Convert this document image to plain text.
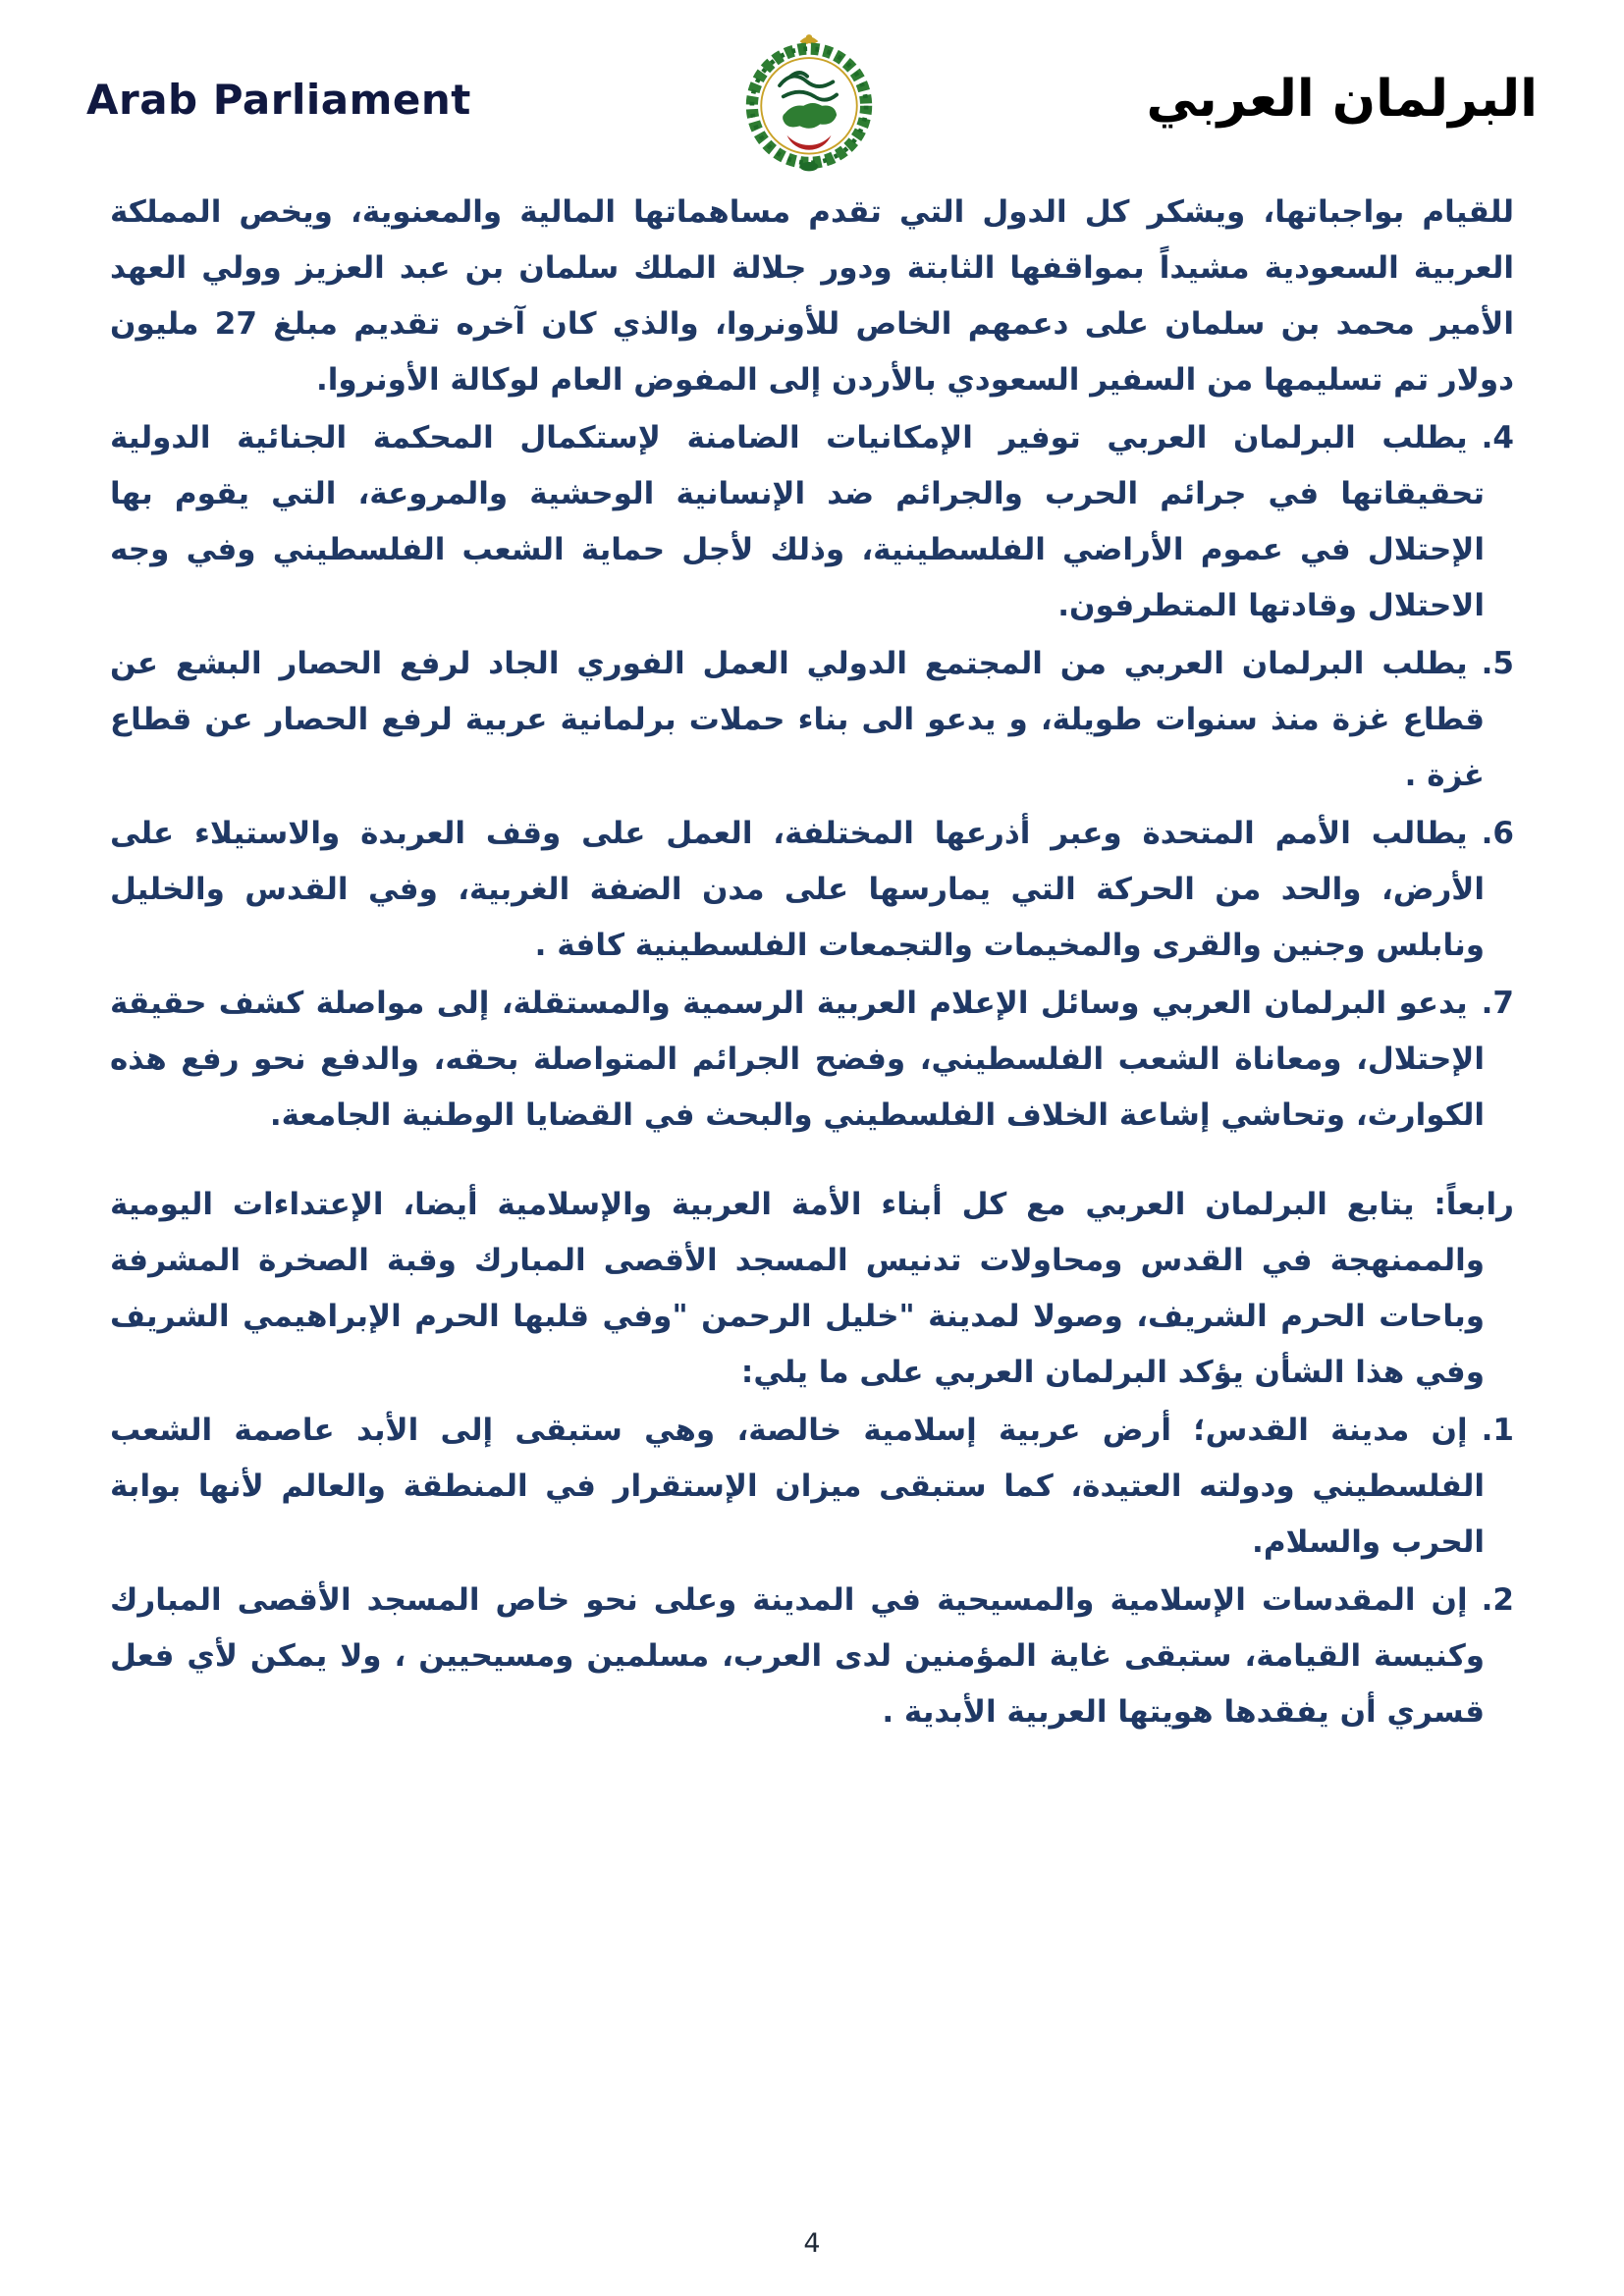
Arab Parliament	البرلمان العربي

للقيام بواجباتها، ويشكر كل الدول التي تقدم مساهماتها المالية والمعنوية، ويخص المملكة العربية السعودية مشيداً بمواقفها الثابتة ودور جلالة الملك سلمان بن عبد العزيز وولي العهد الأمير محمد بن سلمان على دعمهم الخاص للأونروا، والذي كان آخره تقديم مبلغ 27 مليون دولار تم تسليمها من السفير السعودي بالأردن إلى المفوض العام لوكالة الأونروا.

4.يطلب البرلمان العربي توفير الإمكانيات الضامنة لإستكمال المحكمة الجنائية الدولية تحقيقاتها في جرائم الحرب والجرائم ضد الإنسانية الوحشية والمروعة، التي يقوم بها الإحتلال في عموم الأراضي الفلسطينية، وذلك لأجل حماية الشعب الفلسطيني وفي وجه الاحتلال وقادتها المتطرفون.
5.يطلب البرلمان العربي من المجتمع الدولي العمل الفوري الجاد لرفع الحصار البشع عن قطاع غزة منذ سنوات طويلة، و يدعو الى بناء حملات برلمانية عربية لرفع الحصار عن قطاع غزة .
6.يطالب الأمم المتحدة وعبر أذرعها المختلفة، العمل على وقف العربدة والاستيلاء على الأرض، والحد من الحركة التي يمارسها على مدن الضفة الغربية، وفي القدس والخليل ونابلس وجنين والقرى والمخيمات والتجمعات الفلسطينية كافة .
7.يدعو البرلمان العربي وسائل الإعلام العربية الرسمية والمستقلة، إلى مواصلة كشف حقيقة الإحتلال، ومعاناة الشعب الفلسطيني، وفضح الجرائم المتواصلة بحقه، والدفع نحو رفع هذه الكوارث، وتحاشي إشاعة الخلاف الفلسطيني والبحث في القضايا الوطنية الجامعة.
رابعاً: يتابع البرلمان العربي مع كل أبناء الأمة العربية والإسلامية أيضا، الإعتداءات اليومية والممنهجة في القدس ومحاولات تدنيس المسجد الأقصى المبارك وقبة الصخرة المشرفة وباحات الحرم الشريف، وصولا لمدينة "خليل الرحمن "وفي قلبها الحرم الإبراهيمي الشريف وفي هذا الشأن يؤكد البرلمان العربي على ما يلي:
1.إن مدينة القدس؛ أرض عربية إسلامية خالصة، وهي ستبقى إلى الأبد عاصمة الشعب الفلسطيني ودولته العتيدة، كما ستبقى ميزان الإستقرار في المنطقة والعالم لأنها بوابة الحرب والسلام.
2.إن المقدسات الإسلامية والمسيحية في المدينة وعلى نحو خاص المسجد الأقصى المبارك وكنيسة القيامة، ستبقى غاية المؤمنين لدى العرب، مسلمين ومسيحيين ، ولا يمكن لأي فعل قسري أن يفقدها هويتها العربية الأبدية .
4
